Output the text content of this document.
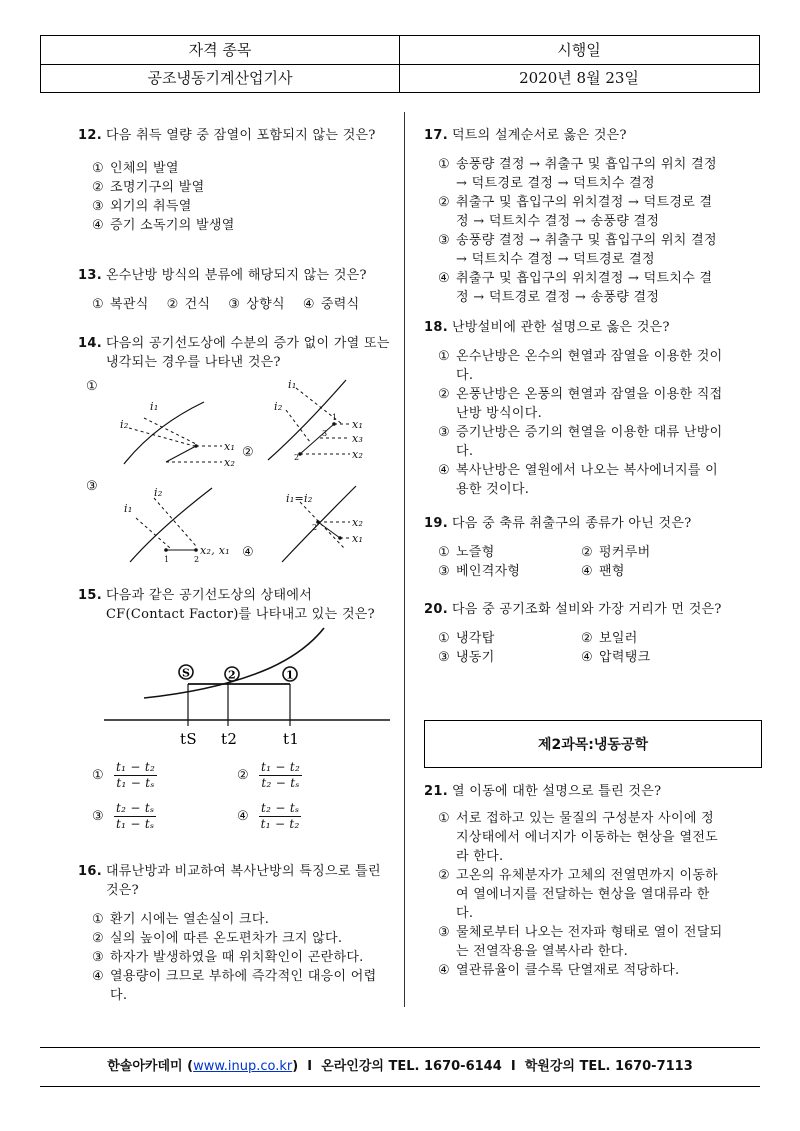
자격 종목	시행일
공조냉동기계산업기사	2020년 8월 23일
12. 다음 취득 열량 중 잠열이 포함되지 않는 것은?
① 인체의 발열
② 조명기구의 발열
③ 외기의 취득열
④ 증기 소독기의 발생열
13. 온수난방 방식의 분류에 해당되지 않는 것은?
① 복관식 ② 건식 ③ 상향식 ④ 중력식
14. 다음의 공기선도상에 수분의 증가 없이 가열 또는 냉각되는 경우를 나타낸 것은?
①
i₂
i₁
x₁
x₂
②
i₁
i₂
x₁
x₃
x₂
1
3
2
③	i₂
i₁
x₂, x₁
1	2	④
i₁=i₂
x₂
x₁
2
15. 다음과 같은 공기선도상의 상태에서 CF(Contact Factor)를 나타내고 있는 것은?
S	2	1
tS t2	t1
① $\frac{\text{t₁ − t₂}}{\text{t₁ − tₛ}}$	② $\frac{\text{t₁ − t₂}}{\text{t₂ − tₛ}}$
③ $\frac{\text{t₂ − tₛ}}{\text{t₁ − tₛ}}$	④ $\frac{\text{t₂ − tₛ}}{\text{t₁ − t₂}}$
16. 대류난방과 비교하여 복사난방의 특징으로 틀린 것은?
① 환기 시에는 열손실이 크다.
② 실의 높이에 따른 온도편차가 크지 않다.
③ 하자가 발생하였을 때 위치확인이 곤란하다.
④ 열용량이 크므로 부하에 즉각적인 대응이 어렵다.
17. 덕트의 설계순서로 옳은 것은?
① 송풍량 결정 → 취출구 및 흡입구의 위치 결정 → 덕트경로 결정 → 덕트치수 결정
② 취출구 및 흡입구의 위치결정 → 덕트경로 결정 → 덕트치수 결정 → 송풍량 결정
③ 송풍량 결정 → 취출구 및 흡입구의 위치 결정 → 덕트치수 결정 → 덕트경로 결정
④ 취출구 및 흡입구의 위치결정 → 덕트치수 결정 → 덕트경로 결정 → 송풍량 결정
18. 난방설비에 관한 설명으로 옳은 것은?
① 온수난방은 온수의 현열과 잠열을 이용한 것이다.
② 온풍난방은 온풍의 현열과 잠열을 이용한 직접난방 방식이다.
③ 증기난방은 증기의 현열을 이용한 대류 난방이다.
④ 복사난방은 열원에서 나오는 복사에너지를 이용한 것이다.
19. 다음 중 축류 취출구의 종류가 아닌 것은?
① 노즐형	② 펑커루버
③ 베인격자형	④ 팬형
20. 다음 중 공기조화 설비와 가장 거리가 먼 것은?
① 냉각탑	② 보일러
③ 냉동기	④ 압력탱크
21. 열 이동에 대한 설명으로 틀린 것은?
① 서로 접하고 있는 물질의 구성분자 사이에 정지상태에서 에너지가 이동하는 현상을 열전도라 한다.
② 고온의 유체분자가 고체의 전열면까지 이동하여 열에너지를 전달하는 현상을 열대류라 한다.
③ 물체로부터 나오는 전자파 형태로 열이 전달되는 전열작용을 열복사라 한다.
④ 열관류율이 클수록 단열재로 적당하다.
제2과목:냉동공학
한솔아카데미 (www.inup.co.kr)  I 온라인강의 TEL. 1670-6144 I 학원강의 TEL. 1670-7113
